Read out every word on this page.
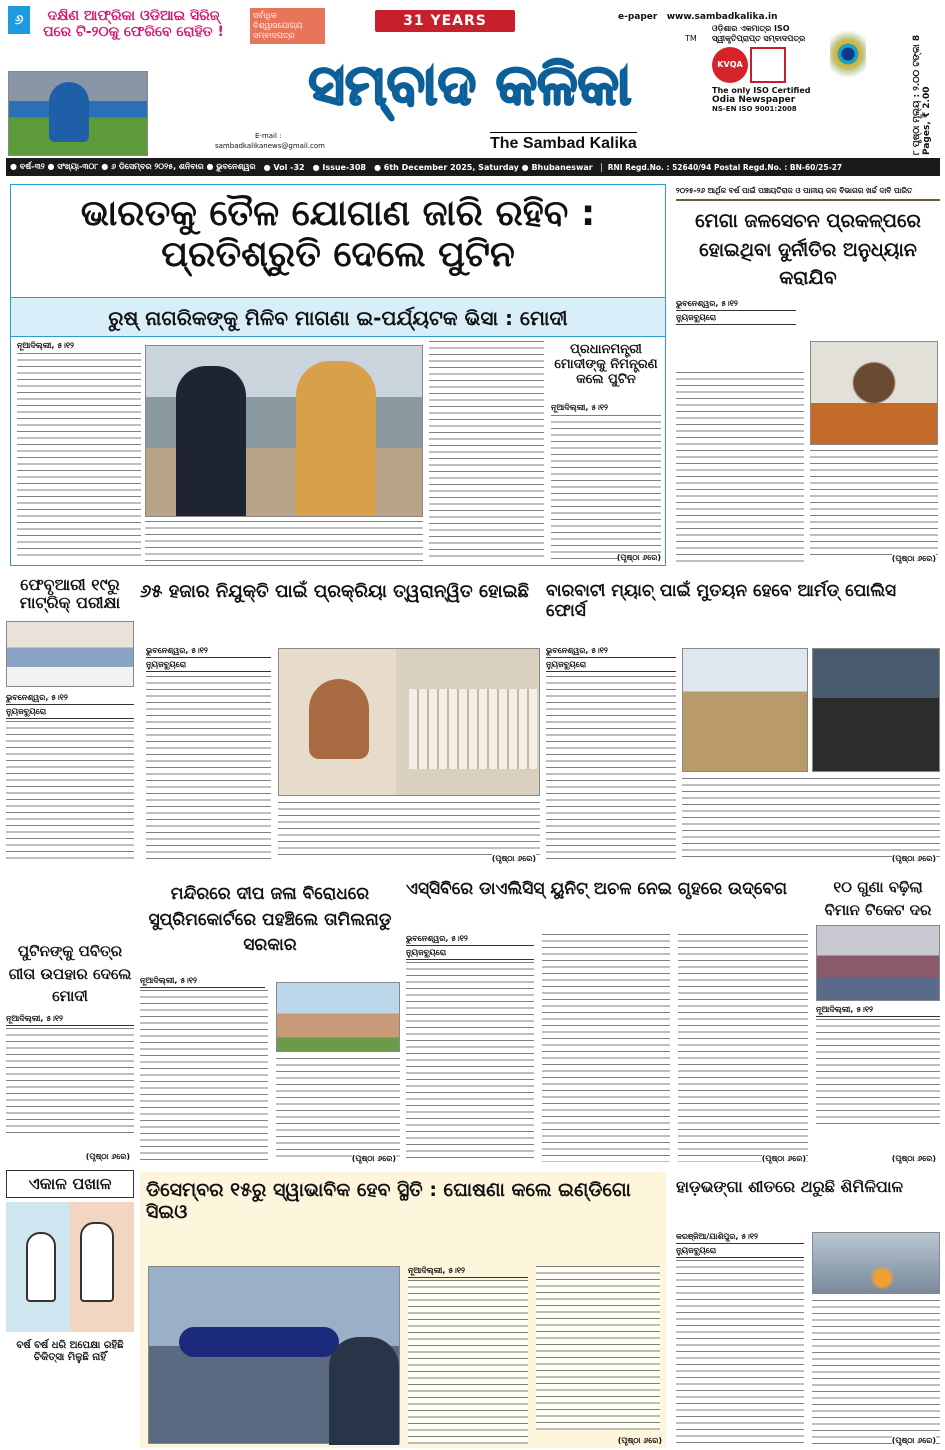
୬	ଦକ୍ଷିଣ ଆଫ୍ରିକା ଓଡିଆଇ ସିରିଜ୍ ପରେ ଟି-୨୦କୁ ଫେରିବେ ରୋହିତ !
ସର୍ବାଧିକ ବିଶ୍ୱାସଯୋଗ୍ୟ ସମ୍ବାଦପତ୍ର
31 YEARS
ସମ୍ବାଦ କଳିକା
E-mail :
sambadkalikanews@gmail.com	The Sambad Kalika
TM
e-paper   www.sambadkalika.in
ଓଡ଼ିଶାର ଏକମାତ୍ର ISO ସ୍ୱୀକୃତିପ୍ରାପ୍ତ ସମ୍ବାଦପତ୍ର
KVQA
The only ISO Certified
Odia Newspaper
NS-EN ISO 9001:2008	୮ ପୃଷ୍ଠା ମୂଲ୍ୟ : ୨.୦୦ ଟଙ୍କା 8 Pages, ₹ 2.00
● ବର୍ଷ-୩୨ ● ସଂଖ୍ୟା-୩୦୮ ● ୬ ଡିସେମ୍ବର ୨୦୨୫, ଶନିବାର ● ଭୁବନେଶ୍ୱର ● Vol -32 ● Issue-308 ● 6th December 2025, Saturday ● Bhubaneswar	RNI Regd.No. : 52640/94 Postal Regd.No. : BN-60/25-27
ଭାରତକୁ ତୈଳ ଯୋଗାଣ ଜାରି ରହିବ : ପ୍ରତିଶ୍ରୁତି ଦେଲେ ପୁଟିନ
ରୁଷ୍ ନାଗରିକଙ୍କୁ ମିଳିବ ମାଗଣା ଇ-ପର୍ଯ୍ୟଟକ ଭିସା : ମୋଦୀ
ନୂଆଦିଲ୍ଲୀ, ୫।୧୨	ପ୍ରଧାନମନ୍ତ୍ରୀ ମୋଦୀଙ୍କୁ ନିମନ୍ତ୍ରଣ କଲେ ପୁଟିନ
ନୂଆଦିଲ୍ଲୀ, ୫।୧୨
(ପୃଷ୍ଠା ୬ରେ)
୨୦୨୫-୨୬ ଆର୍ଥିକ ବର୍ଷ ପାଇଁ ପଞ୍ଚାୟତିରାଜ ଓ ପାନୀୟ ଜଳ ବିଭାଗର ଖର୍ଚ୍ଚ ଦାବି ପାରିତ
ମେଗା ଜଳସେଚନ ପ୍ରକଳ୍ପରେ ହୋଇଥିବା ଦୁର୍ନୀତିର ଅନୁଧ୍ୟାନ କରାଯିବ
ଭୁବନେଶ୍ୱର, ୫।୧୨
ନ୍ୟୁଜବ୍ୟୁରୋ
(ପୃଷ୍ଠା ୬ରେ)
ଫେବୃଆରୀ ୧୯ରୁ ମାଟ୍ରିକ୍ ପରୀକ୍ଷା
ଭୁବନେଶ୍ୱର, ୫।୧୨
ନ୍ୟୁଜବ୍ୟୁରୋ
୬୫ ହଜାର ନିଯୁକ୍ତି ପାଇଁ ପ୍ରକ୍ରିୟା ତ୍ୱରାନ୍ୱିତ ହୋଇଛି
ଭୁବନେଶ୍ୱର, ୫।୧୨
ନ୍ୟୁଜବ୍ୟୁରୋ
(ପୃଷ୍ଠା ୬ରେ)
ବାରବାଟୀ ମ୍ୟାଚ୍ ପାଇଁ ମୁତୟନ ହେବେ ଆର୍ମଡ୍ ପୋଲିସ ଫୋର୍ସ
ଭୁବନେଶ୍ୱର, ୫।୧୨
ନ୍ୟୁଜବ୍ୟୁରୋ
(ପୃଷ୍ଠା ୬ରେ)
ପୁଟିନଙ୍କୁ ପବିତ୍ର ଗୀତା ଉପହାର ଦେଲେ ମୋଦୀ
ନୂଆଦିଲ୍ଲୀ, ୫।୧୨
(ପୃଷ୍ଠା ୬ରେ)
ମନ୍ଦିରରେ ଦୀପ ଜଳା ବିରୋଧରେ ସୁପ୍ରିମକୋର୍ଟରେ ପହଞ୍ଚିଲେ ତାମିଲନାଡୁ ସରକାର
ନୂଆଦିଲ୍ଲୀ, ୫।୧୨
(ପୃଷ୍ଠା ୬ରେ)
ଏସ୍‌ସିବିରେ ଡାଏଲିସିସ୍ ୟୁନିଟ୍ ଅଚଳ ନେଇ ଗୃହରେ ଉଦ୍‌ବେଗ
ଭୁବନେଶ୍ୱର, ୫।୧୨
ନ୍ୟୁଜବ୍ୟୁରୋ
(ପୃଷ୍ଠା ୬ରେ)
୧୦ ଗୁଣା ବଢ଼ିଲା ବିମାନ ଟିକେଟ ଦର
ନୂଆଦିଲ୍ଲୀ, ୫।୧୨
(ପୃଷ୍ଠା ୬ରେ)
ଏକାଳ ପଖାଳ
ବର୍ଷ ବର୍ଷ ଧରି ଅପେକ୍ଷା ରହିଛି ଚିକିତ୍ସା ମିଳୁଛି ନାହିଁ
ଡିସେମ୍ବର ୧୫ରୁ ସ୍ୱାଭାବିକ ହେବ ସ୍ଥିତି : ଘୋଷଣା କଲେ ଇଣ୍ଡିଗୋ ସିଇଓ
ନୂଆଦିଲ୍ଲୀ, ୫।୧୨
(ପୃଷ୍ଠା ୬ରେ)
ହାଡ଼ଭଙ୍ଗା ଶୀତରେ ଥରୁଛି ଶିମିଳିପାଳ
କରଞ୍ଜିଆ/ଯାଶିପୁର, ୫।୧୨
ନ୍ୟୁଜବ୍ୟୁରୋ
(ପୃଷ୍ଠା ୬ରେ)
